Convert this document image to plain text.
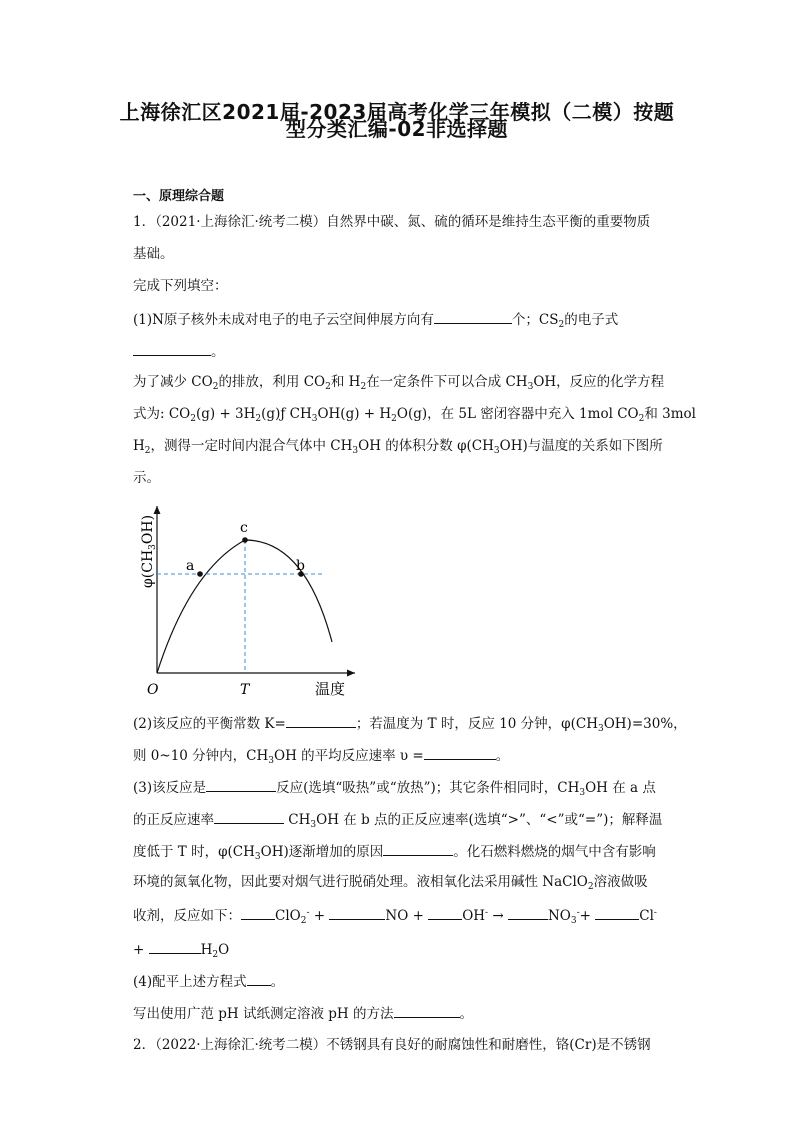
上海徐汇区2021届-2023届高考化学三年模拟（二模）按题
型分类汇编-02非选择题
一、原理综合题
1．（2021·上海徐汇·统考二模）自然界中碳、氮、硫的循环是维持生态平衡的重要物质
基础。
完成下列填空：
(1)N原子核外未成对电子的电子云空间伸展方向有	个；$CS_2$的电子式
。
为了减少 $CO_2$的排放，利用 $CO_2$和 $H_2$在一定条件下可以合成 $CH_3OH$，反应的化学方程
式为: $CO_2(g)$ + $3H_2(g)ƒ$ $CH_3OH(g) + H_2O(g)$，在 5L 密闭容器中充入 1mol $CO_2$和 3mol
$H_2$，测得一定时间内混合气体中 $CH_3OH$ 的体积分数 $\varphi(CH_3OH)$与温度的关系如下图所
示。
a	b
c
O	T	温度
$\varphi(CH_3OH)$
(2)该反应的平衡常数 K=	；若温度为 T 时，反应 10 分钟，$\varphi(CH_3OH)=30\%$，
则 0~10 分钟内，$CH_3OH$ 的平均反应速率 υ =	。
(3)该反应是	反应(选填“吸热”或“放热”)；其它条件相同时，$CH_3OH$ 在 a 点
的正反应速率	$CH_3OH$ 在 b 点的正反应速率(选填“>”、“<”或“=”)；解释温
度低于 T 时，$\varphi(CH_3OH)$逐渐增加的原因	。化石燃料燃烧的烟气中含有影响
环境的氮氧化物，因此要对烟气进行脱硝处理。液相氧化法采用碱性 NaClO$_2$溶液做吸
收剂，反应如下：	ClO$_2$- +	NO +	OH- →	$NO_3^-+$	Cl-
+	$H_2O$
(4)配平上述方程式 。
写出使用广范 pH 试纸测定溶液 pH 的方法	。
2．（2022·上海徐汇·统考二模）不锈钢具有良好的耐腐蚀性和耐磨性，铬(Cr)是不锈钢
